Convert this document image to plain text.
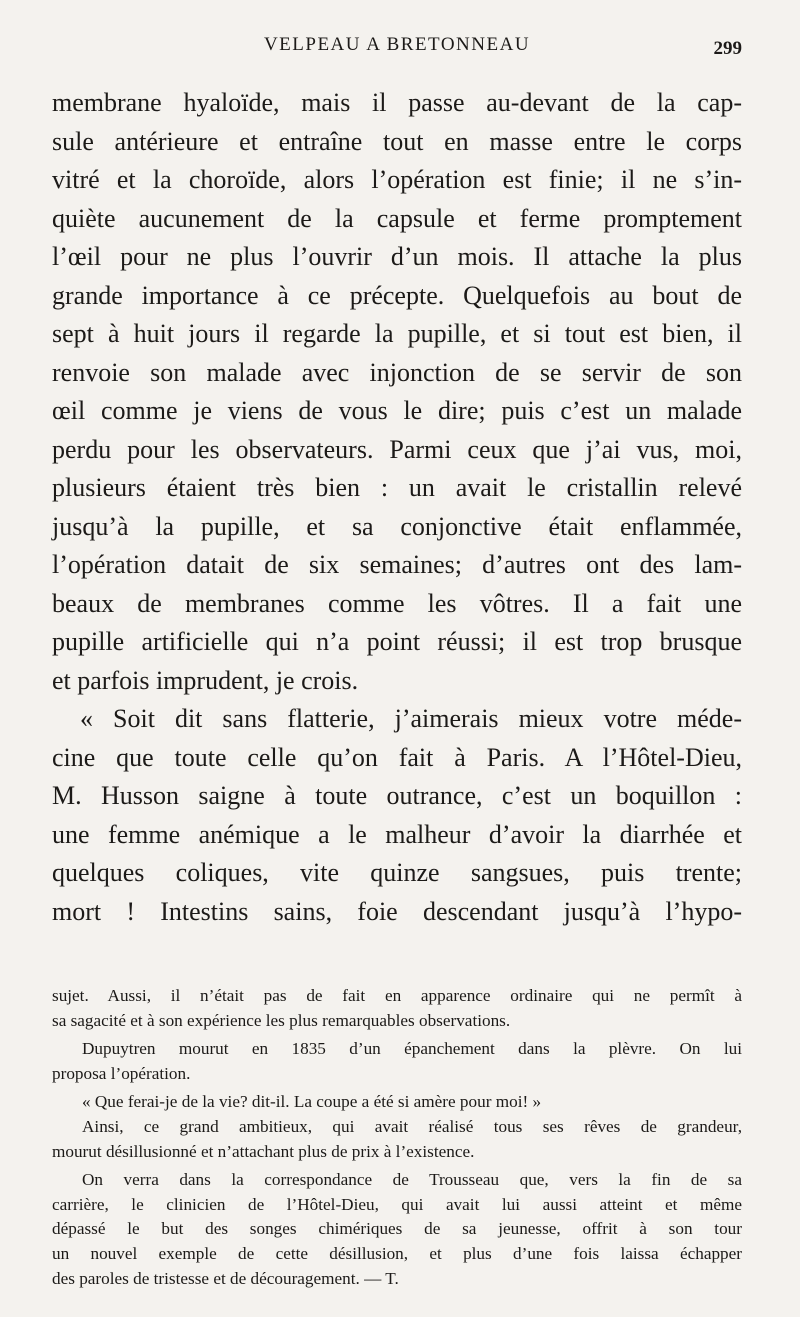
VELPEAU A BRETONNEAU	299
membrane hyaloïde, mais il passe au-devant de la cap-
sule antérieure et entraîne tout en masse entre le corps
vitré et la choroïde, alors l’opération est finie; il ne s’in-
quiète aucunement de la capsule et ferme promptement
l’œil pour ne plus l’ouvrir d’un mois. Il attache la plus
grande importance à ce précepte. Quelquefois au bout de
sept à huit jours il regarde la pupille, et si tout est bien, il
renvoie son malade avec injonction de se servir de son
œil comme je viens de vous le dire; puis c’est un malade
perdu pour les observateurs. Parmi ceux que j’ai vus, moi,
plusieurs étaient très bien : un avait le cristallin relevé
jusqu’à la pupille, et sa conjonctive était enflammée,
l’opération datait de six semaines; d’autres ont des lam-
beaux de membranes comme les vôtres. Il a fait une
pupille artificielle qui n’a point réussi; il est trop brusque
et parfois imprudent, je crois.
« Soit dit sans flatterie, j’aimerais mieux votre méde-
cine que toute celle qu’on fait à Paris. A l’Hôtel-Dieu,
M. Husson saigne à toute outrance, c’est un boquillon :
une femme anémique a le malheur d’avoir la diarrhée et
quelques coliques, vite quinze sangsues, puis trente;
mort ! Intestins sains, foie descendant jusqu’à l’hypo-
sujet. Aussi, il n’était pas de fait en apparence ordinaire qui ne permît à
sa sagacité et à son expérience les plus remarquables observations.
Dupuytren mourut en 1835 d’un épanchement dans la plèvre. On lui
proposa l’opération.
« Que ferai-je de la vie? dit-il. La coupe a été si amère pour moi! »
Ainsi, ce grand ambitieux, qui avait réalisé tous ses rêves de grandeur,
mourut désillusionné et n’attachant plus de prix à l’existence.
On verra dans la correspondance de Trousseau que, vers la fin de sa
carrière, le clinicien de l’Hôtel-Dieu, qui avait lui aussi atteint et même
dépassé le but des songes chimériques de sa jeunesse, offrit à son tour
un nouvel exemple de cette désillusion, et plus d’une fois laissa échapper
des paroles de tristesse et de découragement. — T.
